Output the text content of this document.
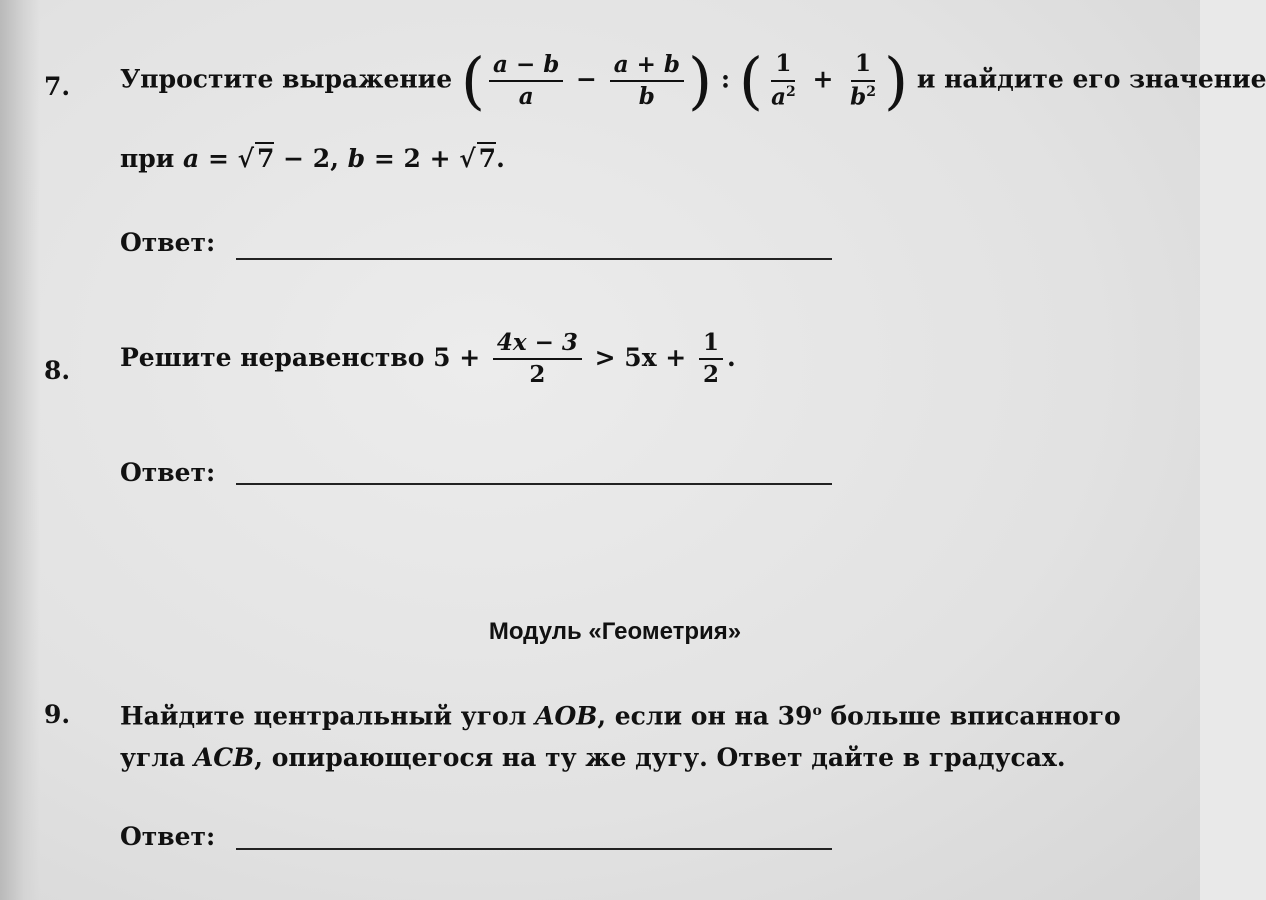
7. Упростите выражение ( $\frac{a - b}{a} - \frac{a + b}{b}$ ) : ( $\frac{1}{a^2} + \frac{1}{b^2}$ ) и найдите его значение
при a = √ 7 − 2, b = 2 + √ 7.
Ответ:
8. Решите неравенство $5 + \frac{4x - 3}{2} > 5x + \frac{1}{2}$ .
Ответ:
Модуль «Геометрия»
9. Найдите центральный угол AOB, если он на 39$^o$ больше вписанного угла ACB, опирающегося на ту же дугу. Ответ дайте в градусах.
Ответ:
